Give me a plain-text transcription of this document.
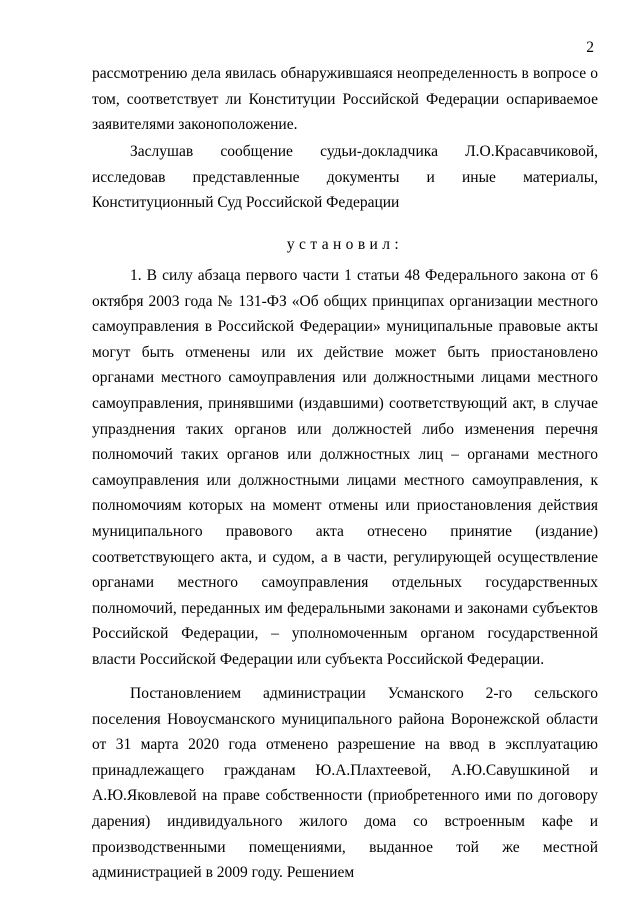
2

рассмотрению дела явилась обнаружившаяся неопределенность в вопросе о том, соответствует ли Конституции Российской Федерации оспариваемое заявителями законоположение.

Заслушав сообщение судьи-докладчика Л.О.Красавчиковой, исследовав представленные документы и иные материалы, Конституционный Суд Российской Федерации

установил:

1. В силу абзаца первого части 1 статьи 48 Федерального закона от 6 октября 2003 года № 131-ФЗ «Об общих принципах организации местного самоуправления в Российской Федерации» муниципальные правовые акты могут быть отменены или их действие может быть приостановлено органами местного самоуправления или должностными лицами местного самоуправления, принявшими (издавшими) соответствующий акт, в случае упразднения таких органов или должностей либо изменения перечня полномочий таких органов или должностных лиц – органами местного самоуправления или должностными лицами местного самоуправления, к полномочиям которых на момент отмены или приостановления действия муниципального правового акта отнесено принятие (издание) соответствующего акта, и судом, а в части, регулирующей осуществление органами местного самоуправления отдельных государственных полномочий, переданных им федеральными законами и законами субъектов Российской Федерации, – уполномоченным органом государственной власти Российской Федерации или субъекта Российской Федерации.

Постановлением администрации Усманского 2-го сельского поселения Новоусманского муниципального района Воронежской области от 31 марта 2020 года отменено разрешение на ввод в эксплуатацию принадлежащего гражданам Ю.А.Плахтеевой, А.Ю.Савушкиной и А.Ю.Яковлевой на праве собственности (приобретенного ими по договору дарения) индивидуального жилого дома со встроенным кафе и производственными помещениями, выданное той же местной администрацией в 2009 году. Решением
